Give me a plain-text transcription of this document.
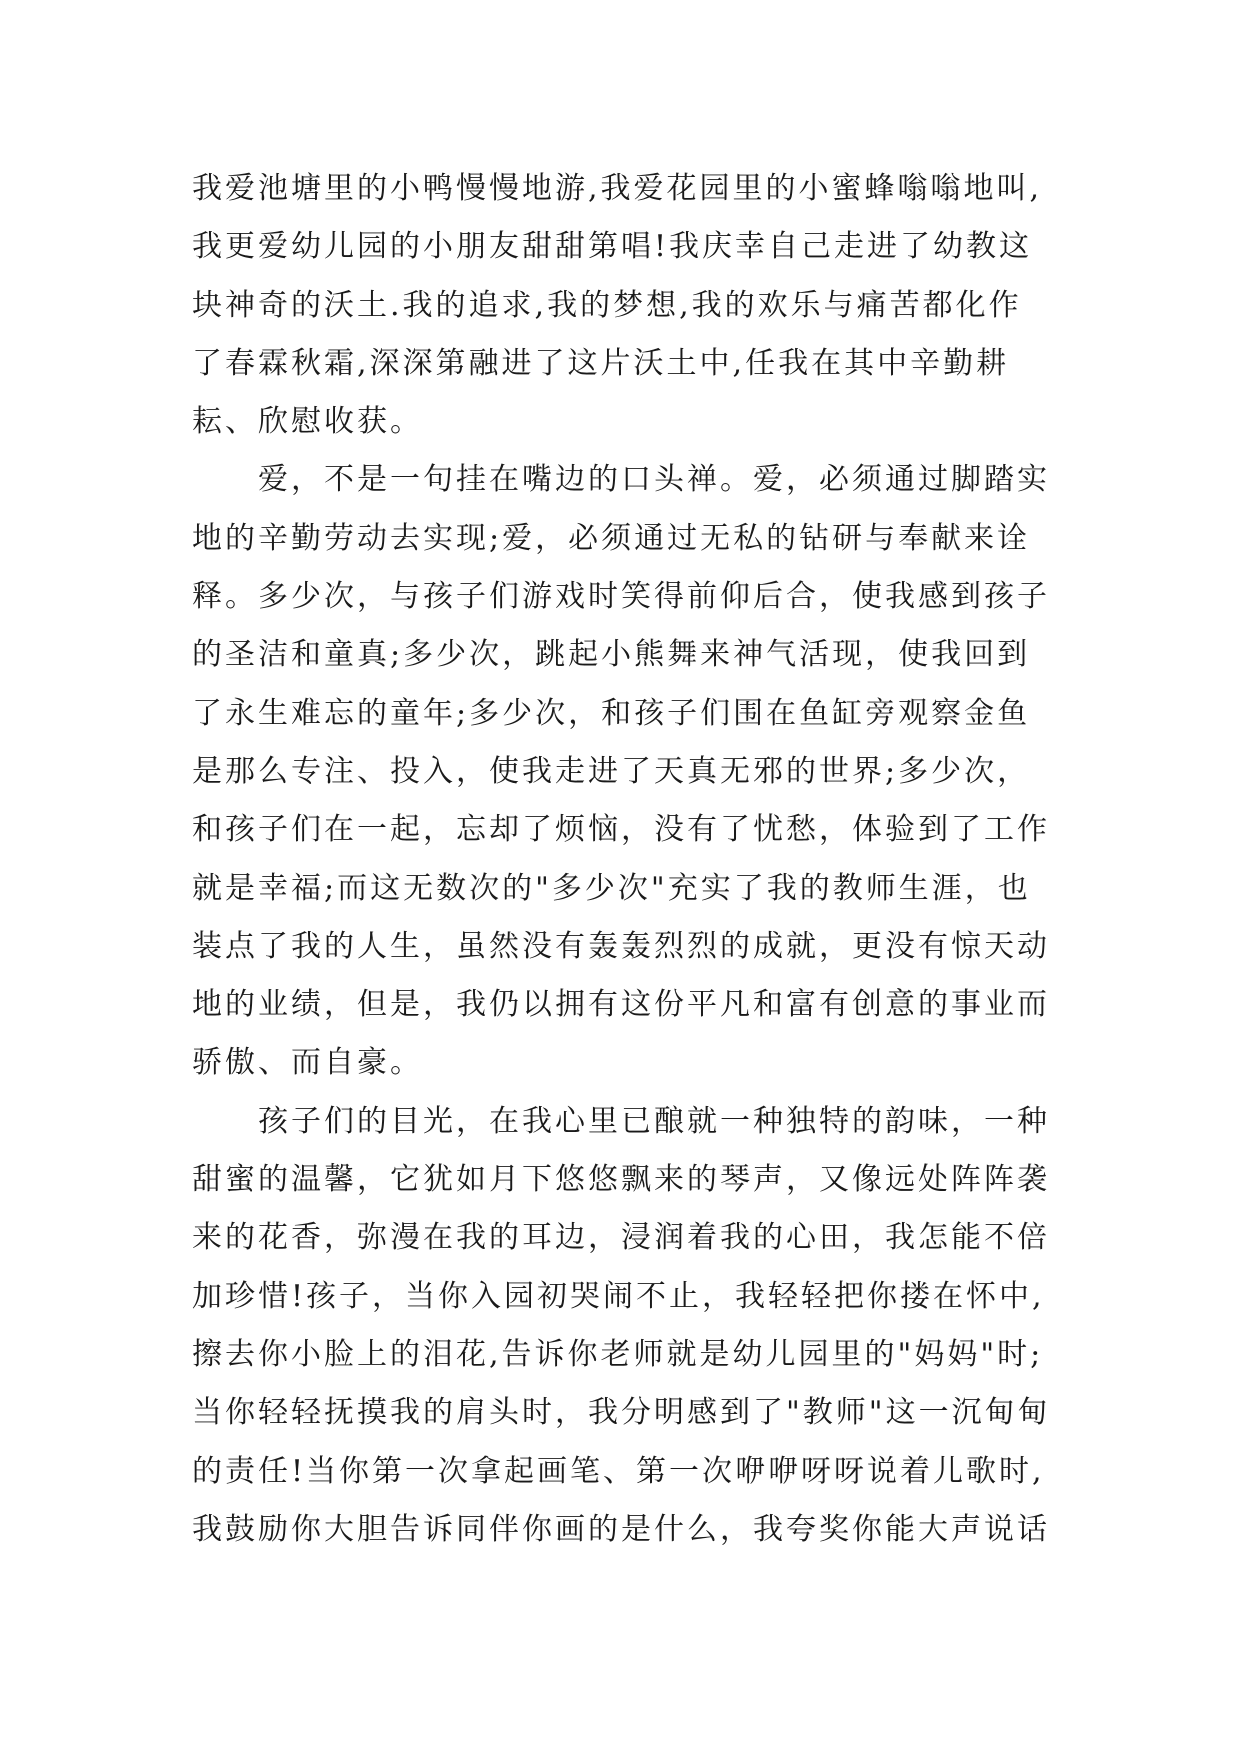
我爱池塘里的小鸭慢慢地游,我爱花园里的小蜜蜂嗡嗡地叫,
我更爱幼儿园的小朋友甜甜第唱!我庆幸自己走进了幼教这
块神奇的沃土.我的追求,我的梦想,我的欢乐与痛苦都化作
了春霖秋霜,深深第融进了这片沃土中,任我在其中辛勤耕
耘、欣慰收获。
　　爱，不是一句挂在嘴边的口头禅。爱，必须通过脚踏实
地的辛勤劳动去实现;爱，必须通过无私的钻研与奉献来诠
释。多少次，与孩子们游戏时笑得前仰后合，使我感到孩子
的圣洁和童真;多少次，跳起小熊舞来神气活现，使我回到
了永生难忘的童年;多少次，和孩子们围在鱼缸旁观察金鱼
是那么专注、投入，使我走进了天真无邪的世界;多少次，
和孩子们在一起，忘却了烦恼，没有了忧愁，体验到了工作
就是幸福;而这无数次的"多少次"充实了我的教师生涯，也
装点了我的人生，虽然没有轰轰烈烈的成就，更没有惊天动
地的业绩，但是，我仍以拥有这份平凡和富有创意的事业而
骄傲、而自豪。
　　孩子们的目光，在我心里已酿就一种独特的韵味，一种
甜蜜的温馨，它犹如月下悠悠飘来的琴声，又像远处阵阵袭
来的花香，弥漫在我的耳边，浸润着我的心田，我怎能不倍
加珍惜!孩子，当你入园初哭闹不止，我轻轻把你搂在怀中,
擦去你小脸上的泪花,告诉你老师就是幼儿园里的"妈妈"时;
当你轻轻抚摸我的肩头时，我分明感到了"教师"这一沉甸甸
的责任!当你第一次拿起画笔、第一次咿咿呀呀说着儿歌时,
我鼓励你大胆告诉同伴你画的是什么，我夸奖你能大声说话
